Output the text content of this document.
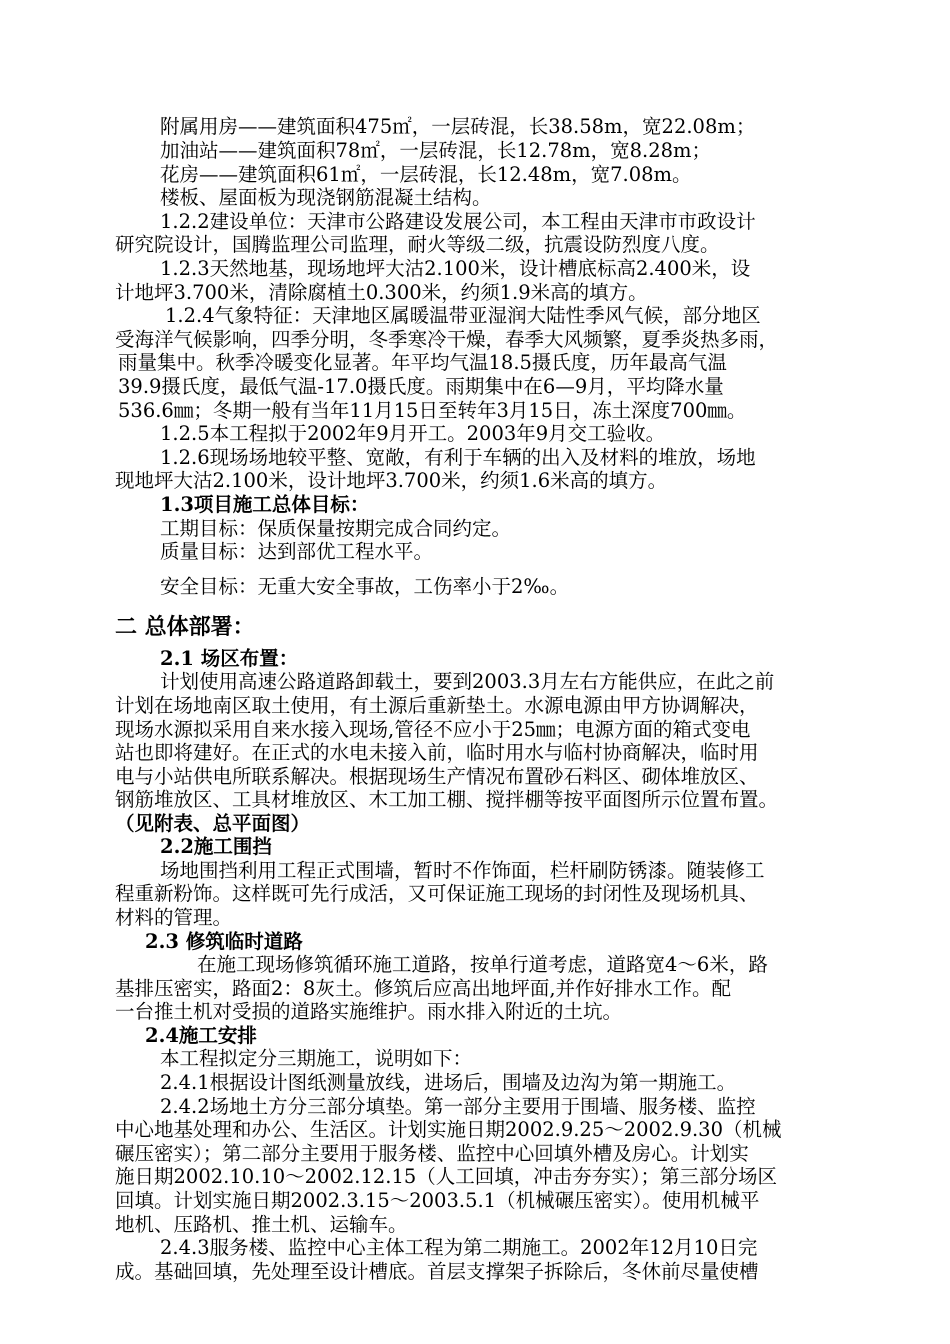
附属用房——建筑面积475㎡，一层砖混，长38.58m，宽22.08m；
加油站——建筑面积78㎡，一层砖混，长12.78m，宽8.28m；
花房——建筑面积61㎡，一层砖混，长12.48m，宽7.08m。
楼板、屋面板为现浇钢筋混凝土结构。
1.2.2建设单位：天津市公路建设发展公司，本工程由天津市市政设计
研究院设计，国腾监理公司监理，耐火等级二级，抗震设防烈度八度。
1.2.3天然地基，现场地坪大沽2.100米，设计槽底标高2.400米，设
计地坪3.700米，清除腐植土0.300米，约须1.9米高的填方。
1.2.4气象特征：天津地区属暖温带亚湿润大陆性季风气候，部分地区
受海洋气候影响，四季分明，冬季寒冷干燥，春季大风频繁，夏季炎热多雨，
雨量集中。秋季冷暖变化显著。年平均气温18.5摄氏度，历年最高气温
39.9摄氏度，最低气温-17.0摄氏度。雨期集中在6—9月，平均降水量
536.6㎜；冬期一般有当年11月15日至转年3月15日，冻土深度700㎜。
1.2.5本工程拟于2002年9月开工。2003年9月交工验收。
1.2.6现场场地较平整、宽敞，有利于车辆的出入及材料的堆放，场地
现地坪大沽2.100米，设计地坪3.700米，约须1.6米高的填方。
1.3项目施工总体目标：
工期目标：保质保量按期完成合同约定。
质量目标：达到部优工程水平。
安全目标：无重大安全事故，工伤率小于2‰。
二 总体部署：
2.1 场区布置：
计划使用高速公路道路卸载土，要到2003.3月左右方能供应，在此之前
计划在场地南区取土使用，有土源后重新垫土。水源电源由甲方协调解决，
现场水源拟采用自来水接入现场,管径不应小于25㎜；电源方面的箱式变电
站也即将建好。在正式的水电未接入前，临时用水与临村协商解决，临时用
电与小站供电所联系解决。根据现场生产情况布置砂石料区、砌体堆放区、
钢筋堆放区、工具材堆放区、木工加工棚、搅拌棚等按平面图所示位置布置。
（见附表、总平面图）
2.2施工围挡
场地围挡利用工程正式围墙，暂时不作饰面，栏杆刷防锈漆。随装修工
程重新粉饰。这样既可先行成活，又可保证施工现场的封闭性及现场机具、
材料的管理。
2.3 修筑临时道路
在施工现场修筑循环施工道路，按单行道考虑，道路宽4～6米，路
基排压密实，路面2：8灰土。修筑后应高出地坪面,并作好排水工作。配
一台推土机对受损的道路实施维护。雨水排入附近的土坑。
2.4施工安排
本工程拟定分三期施工，说明如下：
2.4.1根据设计图纸测量放线，进场后，围墙及边沟为第一期施工。
2.4.2场地土方分三部分填垫。第一部分主要用于围墙、服务楼、监控
中心地基处理和办公、生活区。计划实施日期2002.9.25～2002.9.30（机械
碾压密实）；第二部分主要用于服务楼、监控中心回填外槽及房心。计划实
施日期2002.10.10～2002.12.15（人工回填，冲击夯夯实）；第三部分场区
回填。计划实施日期2002.3.15～2003.5.1（机械碾压密实）。使用机械平
地机、压路机、推土机、运输车。
2.4.3服务楼、监控中心主体工程为第二期施工。2002年12月10日完
成。基础回填，先处理至设计槽底。首层支撑架子拆除后，冬休前尽量使槽
